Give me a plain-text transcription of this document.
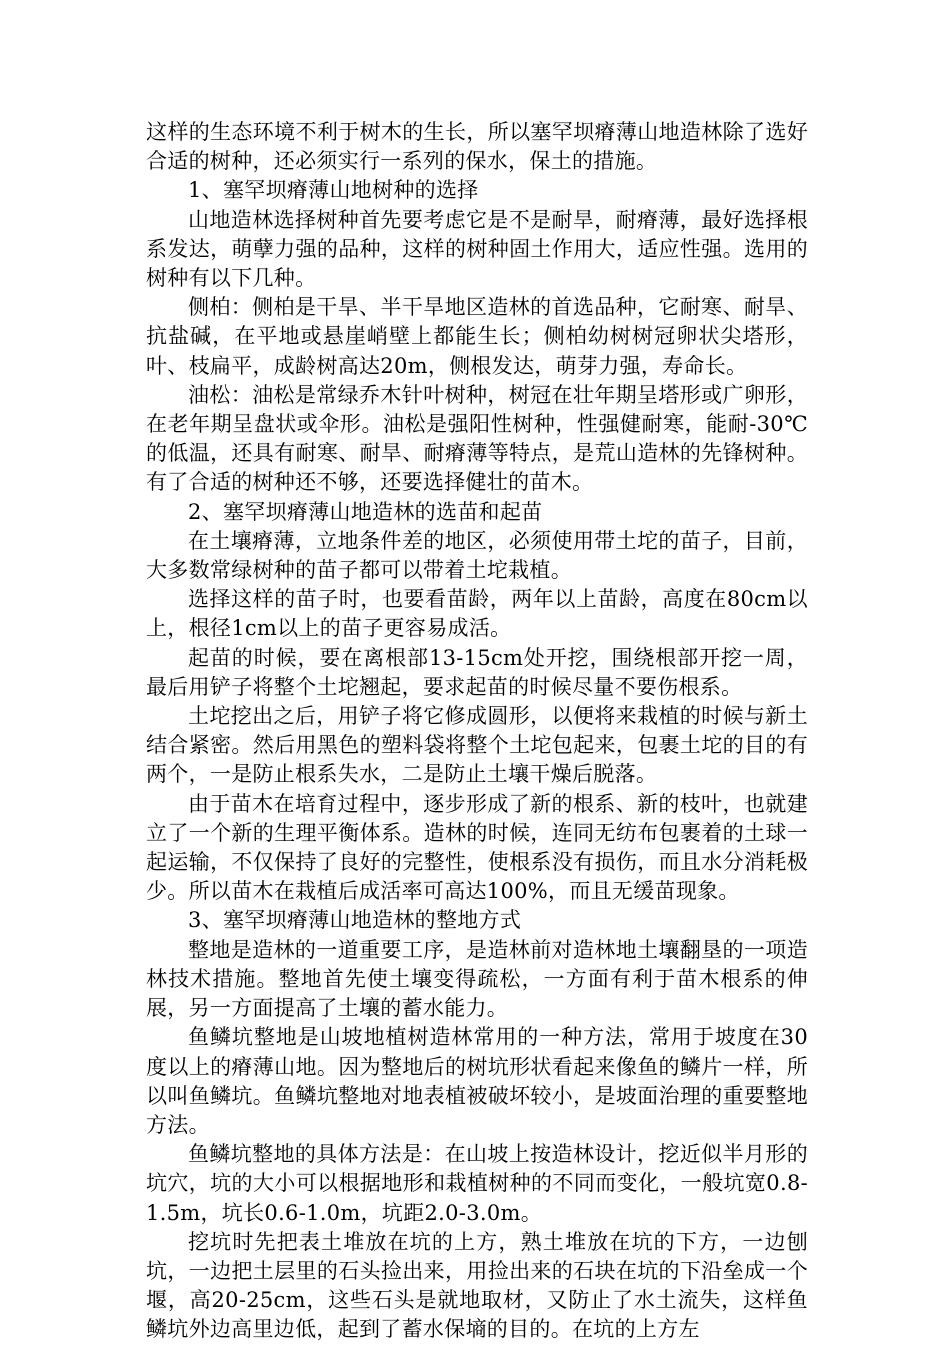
这样的生态环境不利于树木的生长，所以塞罕坝瘠薄山地造林除了选好合适的树种，还必须实行一系列的保水，保土的措施。

1、塞罕坝瘠薄山地树种的选择

山地造林选择树种首先要考虑它是不是耐旱，耐瘠薄，最好选择根系发达，萌孽力强的品种，这样的树种固土作用大，适应性强。选用的树种有以下几种。

侧柏：侧柏是干旱、半干旱地区造林的首选品种，它耐寒、耐旱、抗盐碱，在平地或悬崖峭壁上都能生长；侧柏幼树树冠卵状尖塔形，叶、枝扁平，成龄树高达20m，侧根发达，萌芽力强，寿命长。

油松：油松是常绿乔木针叶树种，树冠在壮年期呈塔形或广卵形，在老年期呈盘状或伞形。油松是强阳性树种，性强健耐寒，能耐-30℃的低温，还具有耐寒、耐旱、耐瘠薄等特点，是荒山造林的先锋树种。有了合适的树种还不够，还要选择健壮的苗木。

2、塞罕坝瘠薄山地造林的选苗和起苗

在土壤瘠薄，立地条件差的地区，必须使用带土坨的苗子，目前，大多数常绿树种的苗子都可以带着土坨栽植。

选择这样的苗子时，也要看苗龄，两年以上苗龄，高度在80cm以上，根径1cm以上的苗子更容易成活。

起苗的时候，要在离根部13-15cm处开挖，围绕根部开挖一周，最后用铲子将整个土坨翘起，要求起苗的时候尽量不要伤根系。

土坨挖出之后，用铲子将它修成圆形，以便将来栽植的时候与新土结合紧密。然后用黑色的塑料袋将整个土坨包起来，包裹土坨的目的有两个，一是防止根系失水，二是防止土壤干燥后脱落。

由于苗木在培育过程中，逐步形成了新的根系、新的枝叶，也就建立了一个新的生理平衡体系。造林的时候，连同无纺布包裹着的土球一起运输，不仅保持了良好的完整性，使根系没有损伤，而且水分消耗极少。所以苗木在栽植后成活率可高达100%，而且无缓苗现象。

3、塞罕坝瘠薄山地造林的整地方式

整地是造林的一道重要工序，是造林前对造林地土壤翻垦的一项造林技术措施。整地首先使土壤变得疏松，一方面有利于苗木根系的伸展，另一方面提高了土壤的蓄水能力。

鱼鳞坑整地是山坡地植树造林常用的一种方法，常用于坡度在30度以上的瘠薄山地。因为整地后的树坑形状看起来像鱼的鳞片一样，所以叫鱼鳞坑。鱼鳞坑整地对地表植被破坏较小，是坡面治理的重要整地方法。

鱼鳞坑整地的具体方法是：在山坡上按造林设计，挖近似半月形的坑穴，坑的大小可以根据地形和栽植树种的不同而变化，一般坑宽0.8-1.5m，坑长0.6-1.0m，坑距2.0-3.0m。

挖坑时先把表土堆放在坑的上方，熟土堆放在坑的下方，一边刨坑，一边把土层里的石头捡出来，用捡出来的石块在坑的下沿垒成一个堰，高20-25cm，这些石头是就地取材，又防止了水土流失，这样鱼鳞坑外边高里边低，起到了蓄水保墒的目的。在坑的上方左
